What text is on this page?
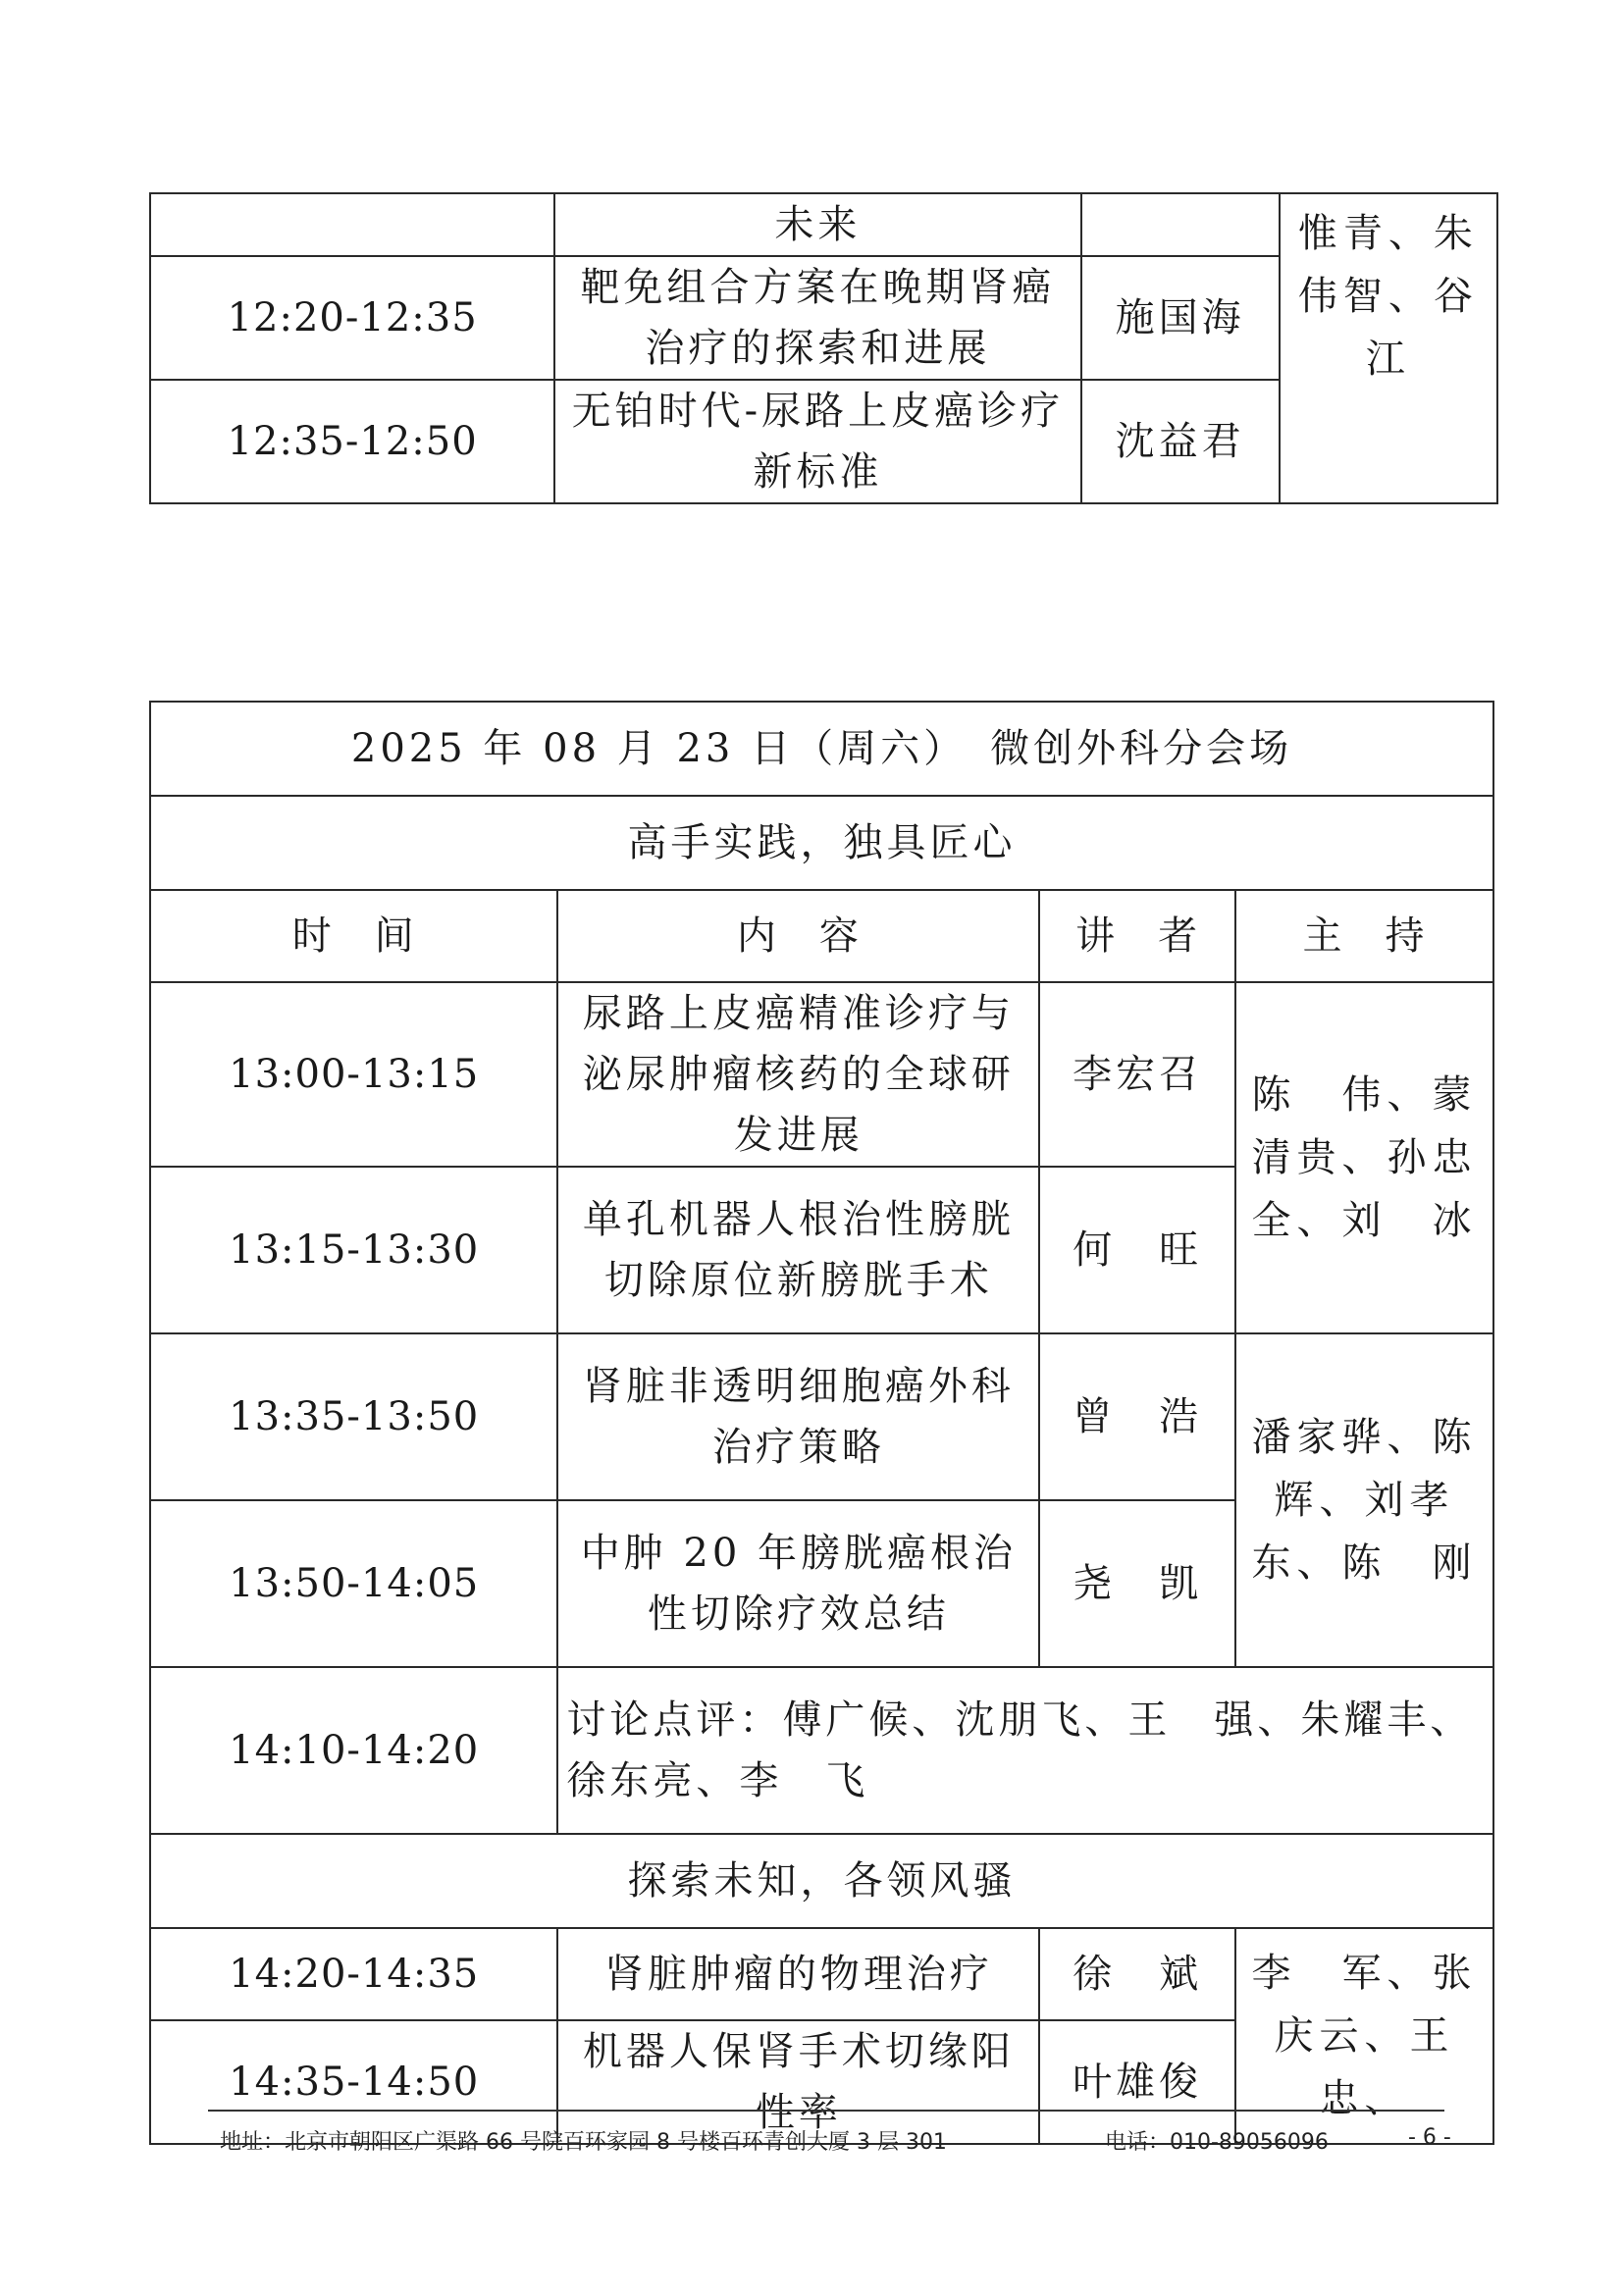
	未来		惟青、朱伟智、谷　江
12:20-12:35	靶免组合方案在晚期肾癌治疗的探索和进展	施国海	
12:35-12:50	无铂时代-尿路上皮癌诊疗新标准	沈益君	
2025 年 08 月 23 日（周六）　微创外科分会场			
高手实践，独具匠心			
时　间	内　容	讲　者	主　持
13:00-13:15	尿路上皮癌精准诊疗与泌尿肿瘤核药的全球研发进展	李宏召	陈　伟、蒙清贵、孙忠全、刘　冰
13:15-13:30	单孔机器人根治性膀胱切除原位新膀胱手术	何　旺	
13:35-13:50	肾脏非透明细胞癌外科治疗策略	曾　浩	潘家骅、陈辉、刘孝东、陈　刚
13:50-14:05	中肿 20 年膀胱癌根治性切除疗效总结	尧　凯	
14:10-14:20	讨论点评：傅广候、沈朋飞、王　强、朱耀丰、徐东亮、李　飞		
探索未知，各领风骚			
14:20-14:35	肾脏肿瘤的物理治疗	徐　斌	李　军、张庆云、王　忠、
14:35-14:50	机器人保肾手术切缘阳性率	叶雄俊	
地址：北京市朝阳区广渠路 66 号院百环家园 8 号楼百环青创大厦 3 层 301	电话：010-89056096	- 6 -
